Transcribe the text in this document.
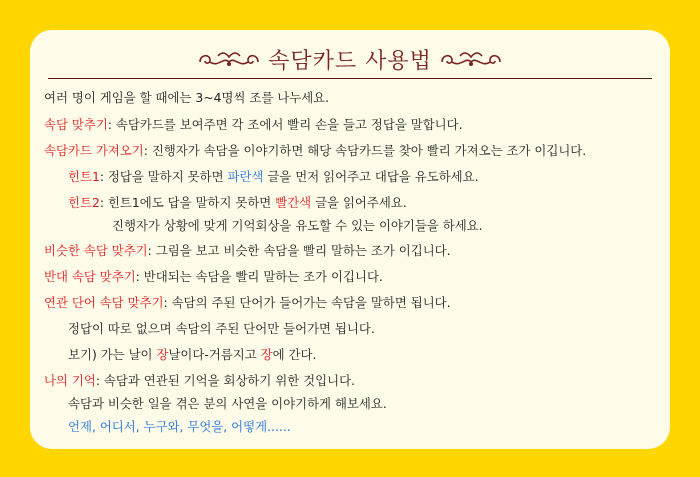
속담카드 사용법
여러 명이 게임을 할 때에는 3~4명씩 조를 나누세요.
속담 맞추기: 속담카드를 보여주면 각 조에서 빨리 손을 들고 정답을 말합니다.
속담카드 가져오기: 진행자가 속담을 이야기하면 해당 속담카드를 찾아 빨리 가져오는 조가 이깁니다.
힌트1: 정답을 말하지 못하면 파란색 글을 먼저 읽어주고 대답을 유도하세요.
힌트2: 힌트1에도 답을 말하지 못하면 빨간색 글을 읽어주세요.
진행자가 상황에 맞게 기억회상을 유도할 수 있는 이야기들을 하세요.
비슷한 속담 맞추기: 그림을 보고 비슷한 속담을 빨리 말하는 조가 이깁니다.
반대 속담 맞추기: 반대되는 속담을 빨리 말하는 조가 이깁니다.
연관 단어 속담 맞추기: 속담의 주된 단어가 들어가는 속담을 말하면 됩니다.
정답이 따로 없으며 속담의 주된 단어만 들어가면 됩니다.
보기) 가는 날이 장날이다-거름지고 장에 간다.
나의 기억: 속담과 연관된 기억을 회상하기 위한 것입니다.
속담과 비슷한 일을 겪은 분의 사연을 이야기하게 해보세요.
언제, 어디서, 누구와, 무엇을, 어떻게......
